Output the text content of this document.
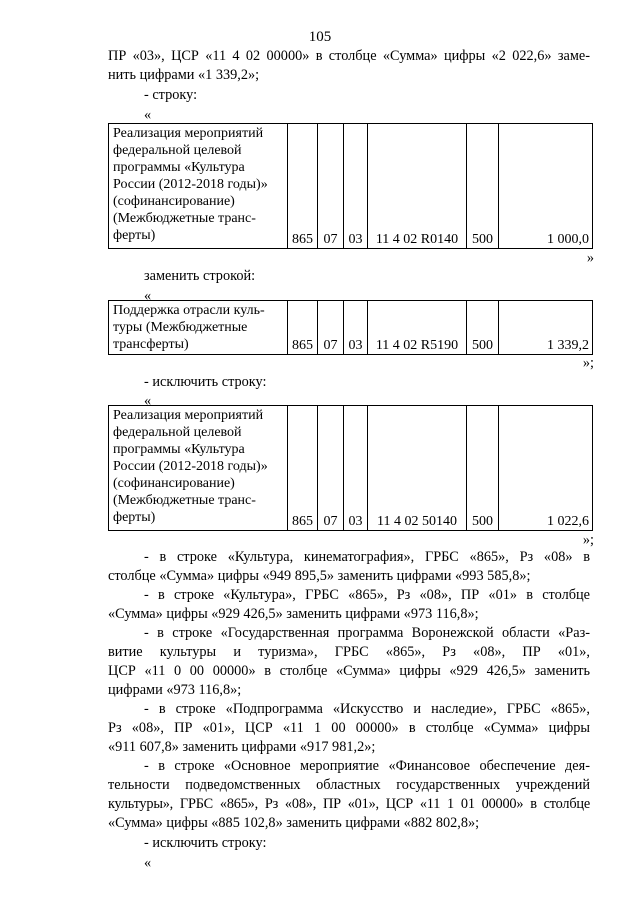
105
ПР «03», ЦСР «11 4 02 00000» в столбце «Сумма» цифры «2 022,6» заме-
нить цифрами «1 339,2»;
- строку:
«
Реализация мероприятий федеральной целевой программы «Культура России (2012-2018 годы)» (софинансирование) (Межбюджетные транс-ферты)	865	07	03	11 4 02 R0140	500	1 000,0
»
заменить строкой:
«
Поддержка отрасли куль-туры (Межбюджетные трансферты)	865	07	03	11 4 02 R5190	500	1 339,2
»;
- исключить строку:
«
Реализация мероприятий федеральной целевой программы «Культура России (2012-2018 годы)» (софинансирование) (Межбюджетные транс-ферты)	865	07	03	11 4 02 50140	500	1 022,6
»;
- в строке «Культура, кинематография», ГРБС «865», Рз «08» в
столбце «Сумма» цифры «949 895,5» заменить цифрами «993 585,8»;
- в строке «Культура», ГРБС «865», Рз «08», ПР «01» в столбце
«Сумма» цифры «929 426,5» заменить цифрами «973 116,8»;
- в строке «Государственная программа Воронежской области «Раз-
витие культуры и туризма», ГРБС «865», Рз «08», ПР «01»,
ЦСР «11 0 00 00000» в столбце «Сумма» цифры «929 426,5» заменить
цифрами «973 116,8»;
- в строке «Подпрограмма «Искусство и наследие», ГРБС «865»,
Рз «08», ПР «01», ЦСР «11 1 00 00000» в столбце «Сумма» цифры
«911 607,8» заменить цифрами «917 981,2»;
- в строке «Основное мероприятие «Финансовое обеспечение дея-
тельности подведомственных областных государственных учреждений
культуры», ГРБС «865», Рз «08», ПР «01», ЦСР «11 1 01 00000» в столбце
«Сумма» цифры «885 102,8» заменить цифрами «882 802,8»;
- исключить строку:
«
